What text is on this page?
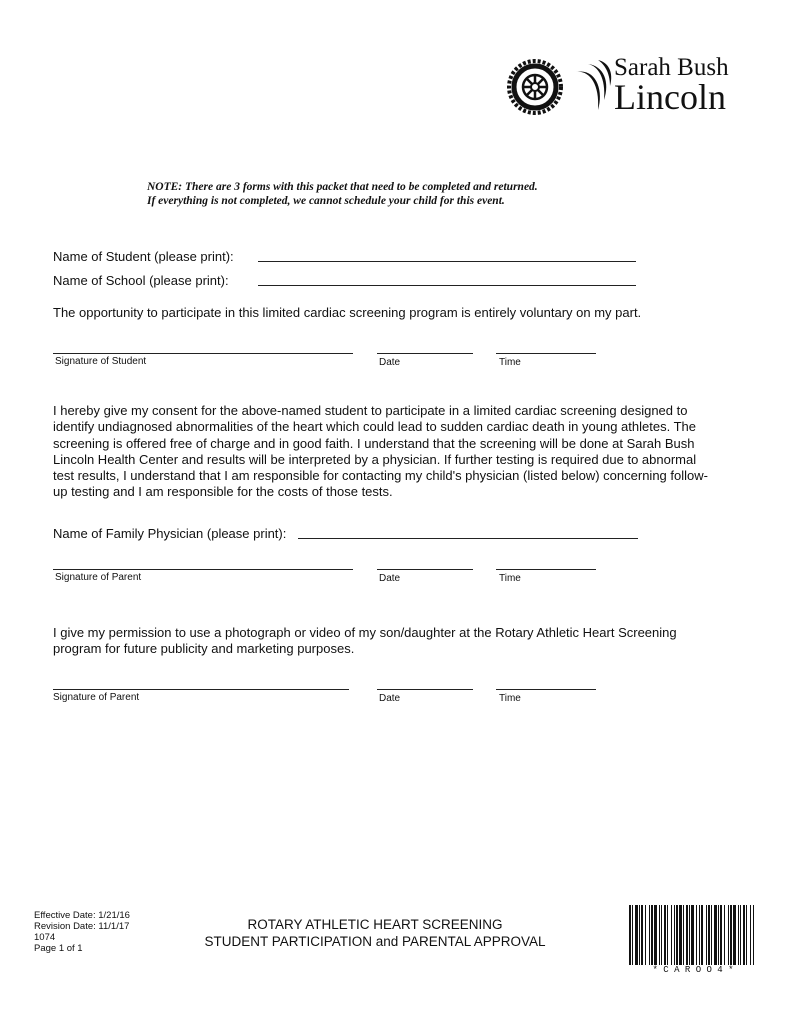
Sarah Bush
Lincoln
NOTE: There are 3 forms with this packet that need to be completed and returned.
If everything is not completed, we cannot schedule your child for this event.
Name of Student (please print):
Name of School (please print):
The opportunity to participate in this limited cardiac screening program is entirely voluntary on my part.
Signature of Student	Date	Time
I hereby give my consent for the above-named student to participate in a limited cardiac screening designed to identify undiagnosed abnormalities of the heart which could lead to sudden cardiac death in young athletes. The screening is offered free of charge and in good faith. I understand that the screening will be done at Sarah Bush Lincoln Health Center and results will be interpreted by a physician. If further testing is required due to abnormal test results, I understand that I am responsible for contacting my child's physician (listed below) concerning follow-up testing and I am responsible for the costs of those tests.
Name of Family Physician (please print):
Signature of Parent	Date	Time
I give my permission to use a photograph or video of my son/daughter at the Rotary Athletic Heart Screening program for future publicity and marketing purposes.
Signature of Parent	Date	Time
Effective Date: 1/21/16
Revision Date: 11/1/17
1074
Page 1 of 1
ROTARY ATHLETIC HEART SCREENING
STUDENT PARTICIPATION and PARENTAL APPROVAL
* C A R O O 4 *
